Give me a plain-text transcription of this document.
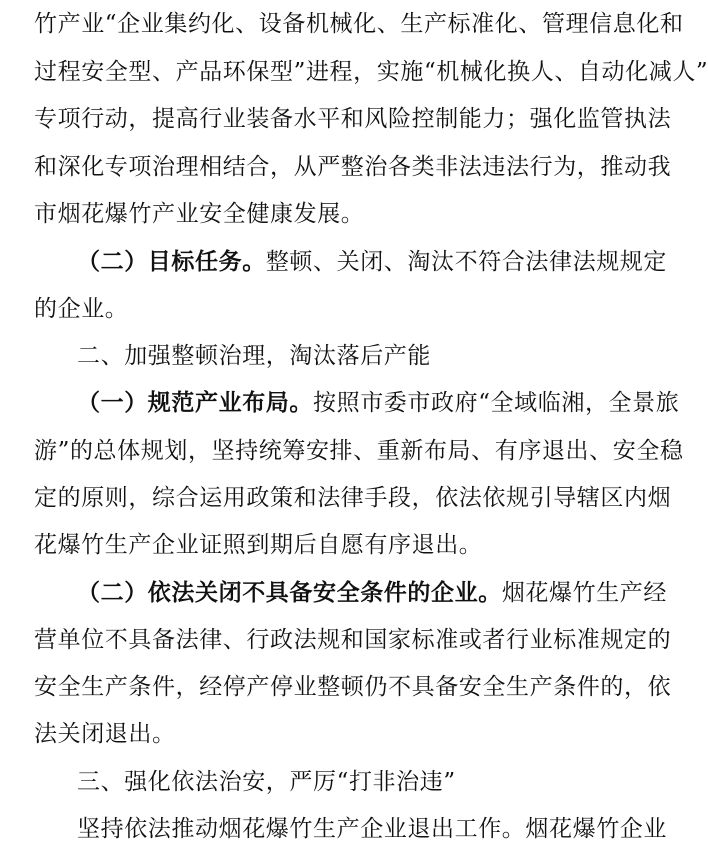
竹产业“企业集约化、设备机械化、生产标准化、管理信息化和
过程安全型、产品环保型”进程，实施“机械化换人、自动化减人”
专项行动，提高行业装备水平和风险控制能力；强化监管执法
和深化专项治理相结合，从严整治各类非法违法行为，推动我
市烟花爆竹产业安全健康发展。
（二）目标任务。整顿、关闭、淘汰不符合法律法规规定
的企业。
二、加强整顿治理，淘汰落后产能
（一）规范产业布局。按照市委市政府“全域临湘，全景旅
游”的总体规划，坚持统筹安排、重新布局、有序退出、安全稳
定的原则，综合运用政策和法律手段，依法依规引导辖区内烟
花爆竹生产企业证照到期后自愿有序退出。
（二）依法关闭不具备安全条件的企业。烟花爆竹生产经
营单位不具备法律、行政法规和国家标准或者行业标准规定的
安全生产条件，经停产停业整顿仍不具备安全生产条件的，依
法关闭退出。
三、强化依法治安，严厉“打非治违”
坚持依法推动烟花爆竹生产企业退出工作。烟花爆竹企业
